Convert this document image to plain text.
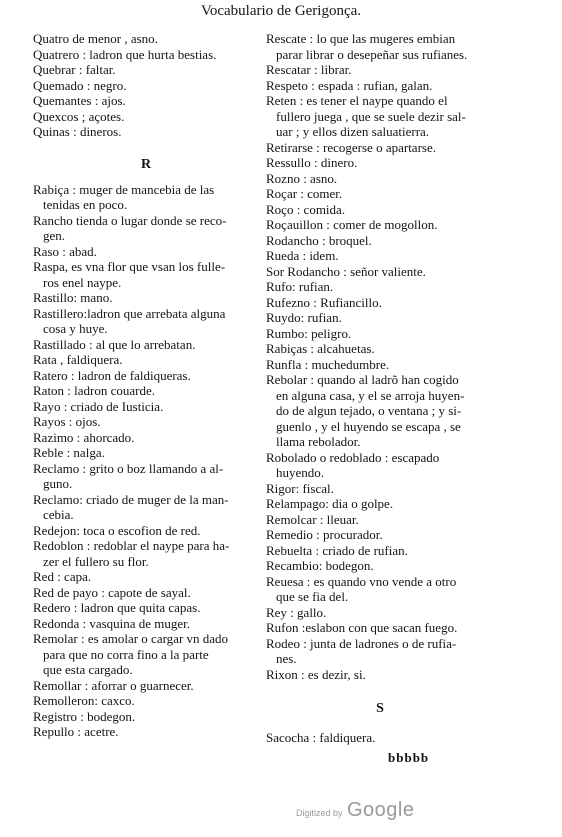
Vocabulario de Gerigonça.
Quatro de menor , asno.
Quatrero : ladron que hurta bestias.
Quebrar : faltar.
Quemado : negro.
Quemantes : ajos.
Quexcos ; açotes.
Quinas : dineros.
R
Rabiça : muger de mancebia de las
tenidas en poco.
Rancho tienda o lugar donde se reco-
gen.
Raso : abad.
Raspa, es vna flor que vsan los fulle-
ros enel naype.
Rastillo: mano.
Rastillero:ladron que arrebata alguna
cosa y huye.
Rastillado : al que lo arrebatan.
Rata , faldiquera.
Ratero : ladron de faldiqueras.
Raton : ladron couarde.
Rayo : criado de Iusticia.
Rayos : ojos.
Razimo : ahorcado.
Reble : nalga.
Reclamo : grito o boz llamando a al-
guno.
Reclamo: criado de muger de la man-
cebia.
Redejon: toca o escofion de red.
Redoblon : redoblar el naype para ha-
zer el fullero su flor.
Red : capa.
Red de payo : capote de sayal.
Redero : ladron que quita capas.
Redonda : vasquina de muger.
Remolar : es amolar o cargar vn dado
para que no corra fino a la parte
que esta cargado.
Remollar : aforrar o guarnecer.
Remolleron: caxco.
Registro : bodegon.
Repullo : acetre.
Rescate : lo que las mugeres embian
parar librar o desepeñar sus rufianes.
Rescatar : librar.
Respeto : espada : rufian, galan.
Reten : es tener el naype quando el
fullero juega , que se suele dezir sal-
uar ; y ellos dizen saluatierra.
Retirarse : recogerse o apartarse.
Ressullo : dinero.
Rozno : asno.
Roçar : comer.
Roço : comida.
Roçauillon : comer de mogollon.
Rodancho : broquel.
Rueda : idem.
Sor Rodancho : señor valiente.
Rufo: rufian.
Rufezno : Rufiancillo.
Ruydo: rufian.
Rumbo: peligro.
Rabiças : alcahuetas.
Runfla : muchedumbre.
Rebolar : quando al ladrõ han cogido
en alguna casa, y el se arroja huyen-
do de algun tejado, o ventana ; y si-
guenlo , y el huyendo se escapa , se
llama rebolador.
Robolado o redoblado : escapado
huyendo.
Rigor: fiscal.
Relampago: dia o golpe.
Remolcar : lleuar.
Remedio : procurador.
Rebuelta : criado de rufian.
Recambio: bodegon.
Reuesa : es quando vno vende a otro
que se fia del.
Rey : gallo.
Rufon :eslabon con que sacan fuego.
Rodeo : junta de ladrones o de rufia-
nes.
Rixon : es dezir, si.
S
Sacocha : faldiquera.
bbbbb
Digitized by Google
